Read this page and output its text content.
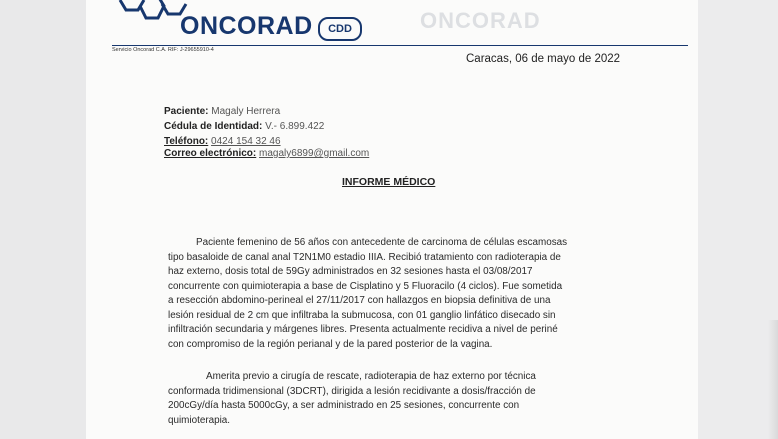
ONCORAD	CDD	ONCORAD
Servicio Oncorad C.A. RIF: J-29655910-4
Caracas, 06 de mayo de 2022
Paciente: Magaly Herrera
Cédula de Identidad: V.- 6.899.422
Teléfono: 0424 154 32 46
Correo electrónico: magaly6899@gmail.com
INFORME MÉDICO
Paciente femenino de 56 años con antecedente de carcinoma de células escamosas
tipo basaloide de canal anal T2N1M0 estadio IIIA. Recibió tratamiento con radioterapia de
haz externo, dosis total de 59Gy administrados en 32 sesiones hasta el 03/08/2017
concurrente con quimioterapia a base de Cisplatino y 5 Fluoracilo (4 ciclos). Fue sometida
a resección abdomino-perineal el 27/11/2017 con hallazgos en biopsia definitiva de una
lesión residual de 2 cm que infiltraba la submucosa, con 01 ganglio linfático disecado sin
infiltración secundaria y márgenes libres. Presenta actualmente recidiva a nivel de periné
con compromiso de la región perianal y de la pared posterior de la vagina.
Amerita previo a cirugía de rescate, radioterapia de haz externo por técnica
conformada tridimensional (3DCRT), dirigida a lesión recidivante a dosis/fracción de
200cGy/día hasta 5000cGy, a ser administrado en 25 sesiones, concurrente con
quimioterapia.
